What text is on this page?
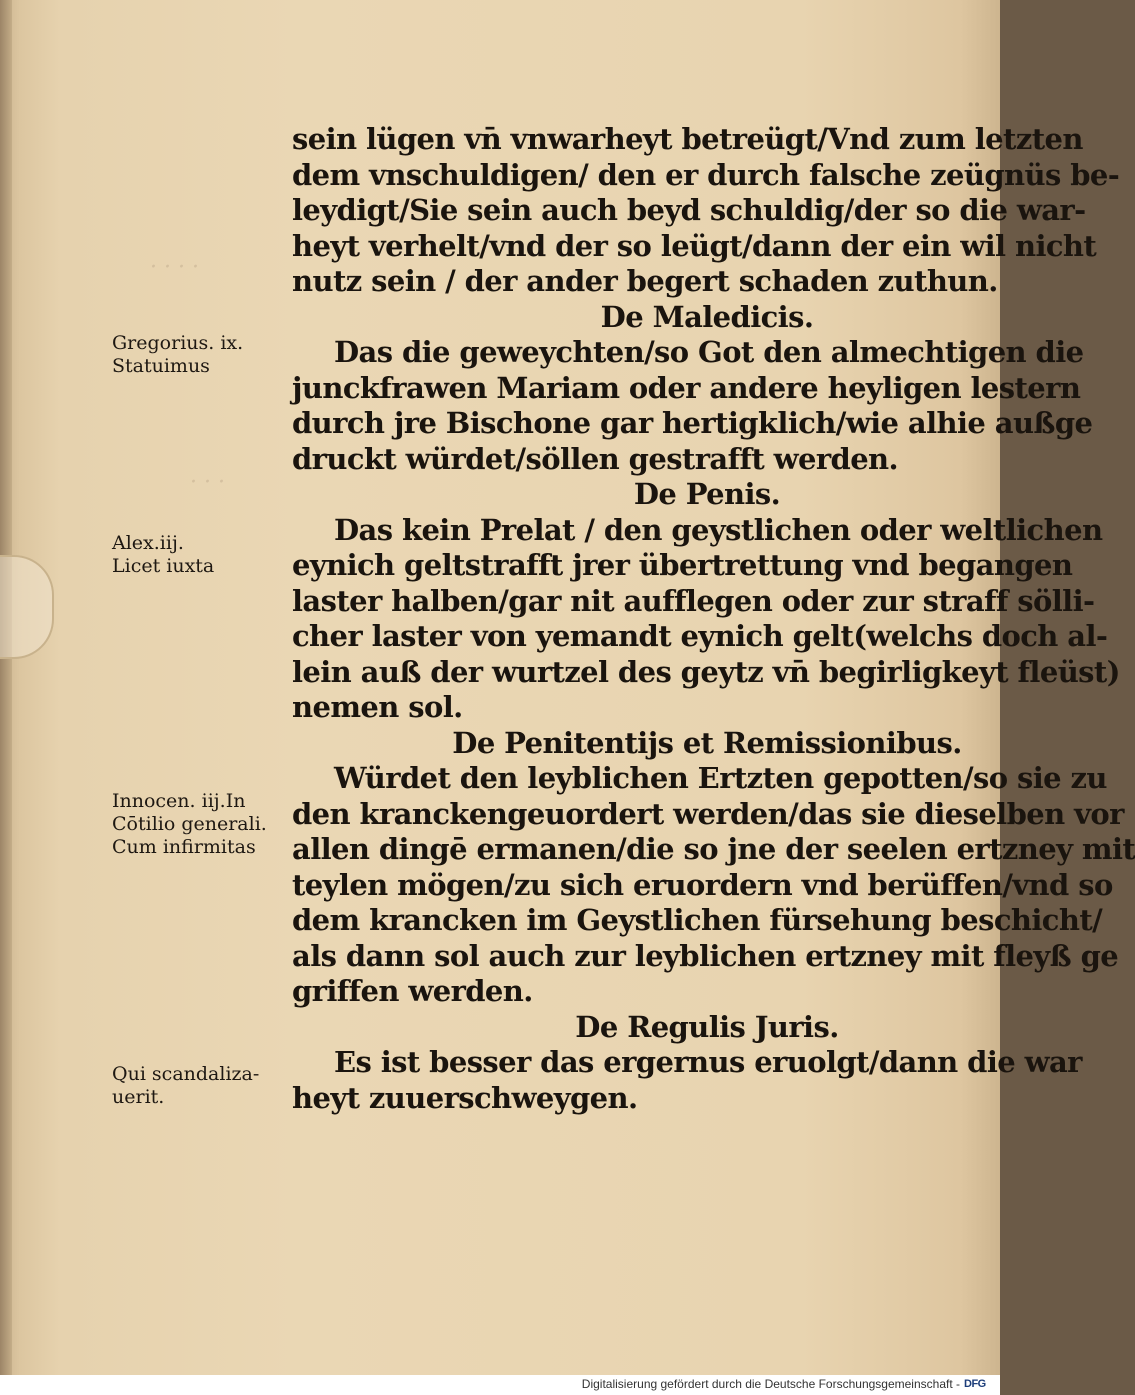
· · · ·
· · ·
sein lügen vn̄ vnwarheyt betreügt/Vnd zum letzten
dem vnschuldigen/ den er durch falsche zeügnüs be-
leydigt/Sie sein auch beyd schuldig/der so die war-
heyt verhelt/vnd der so leügt/dann der ein wil nicht
nutz sein / der ander begert schaden zuthun.
De Maledicis.
Das die geweychten/so Got den almechtigen die
junckfrawen Mariam oder andere heyligen lestern
durch jre Bischone gar hertigklich/wie alhie außge
druckt würdet/söllen gestrafft werden.
De Penis.
Das kein Prelat / den geystlichen oder weltlichen
eynich geltstrafft jrer übertrettung vnd begangen
laster halben/gar nit aufflegen oder zur straff sölli-
cher laster von yemandt eynich gelt(welchs doch al-
lein auß der wurtzel des geytz vn̄ begirligkeyt fleüst)
nemen sol.
De Penitentijs et Remissionibus.
Würdet den leyblichen Ertzten gepotten/so sie zu
den kranckengeuordert werden/das sie dieselben vor
allen dingē ermanen/die so jne der seelen ertzney mit
teylen mögen/zu sich eruordern vnd berüffen/vnd so
dem krancken im Geystlichen fürsehung beschicht/
als dann sol auch zur leyblichen ertzney mit fleyß ge
griffen werden.
De Regulis Juris.
Es ist besser das ergernus eruolgt/dann die war
heyt zuuerschweygen.
Gregorius. ix.
Statuimus
Alex.iij.
Licet iuxta
Innocen. iij.In
Cōtilio generali.
Cum infirmitas
Qui scandaliza-
uerit.
Digitalisierung gefördert durch die Deutsche Forschungsgemeinschaft - DFG
